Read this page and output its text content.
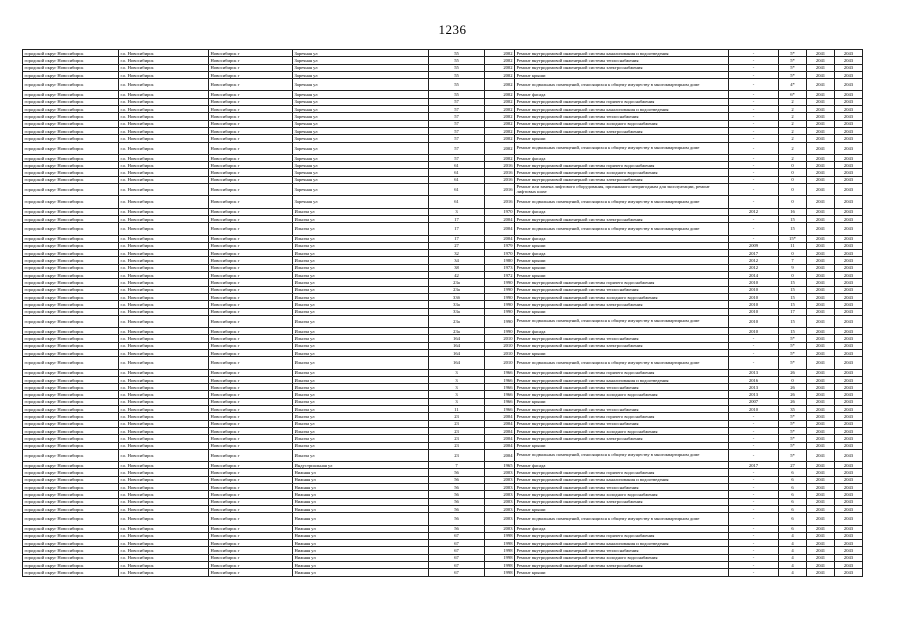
1236
городской округ Новосибирск	г.о. Новосибирск	Новосибирск г	Заречная ул	55	2002	Ремонт внутридомовой инженерной системы канализования и водоотведения	-	5*	2041	2043
городской округ Новосибирск	г.о. Новосибирск	Новосибирск г	Заречная ул	55	2002	Ремонт внутридомовой инженерной системы теплоснабжения	-	5*	2041	2043
городской округ Новосибирск	г.о. Новосибирск	Новосибирск г	Заречная ул	55	2002	Ремонт внутридомовой инженерной системы электроснабжения	-	5*	2041	2043
городской округ Новосибирск	г.о. Новосибирск	Новосибирск г	Заречная ул	55	2002	Ремонт крыши	-	5*	2041	2043
городской округ Новосибирск	г.о. Новосибирск	Новосибирск г	Заречная ул	55	2002	Ремонт подвальных помещений, относящихся к общему имуществу в многоквартирном доме	-	4*	2041	2043
городской округ Новосибирск	г.о. Новосибирск	Новосибирск г	Заречная ул	55	2002	Ремонт фасада	-	6*	2041	2043
городской округ Новосибирск	г.о. Новосибирск	Новосибирск г	Заречная ул	57	2002	Ремонт внутридомовой инженерной системы горячего водоснабжения	-	2	2041	2043
городской округ Новосибирск	г.о. Новосибирск	Новосибирск г	Заречная ул	57	2002	Ремонт внутридомовой инженерной системы канализования и водоотведения	-	2	2041	2043
городской округ Новосибирск	г.о. Новосибирск	Новосибирск г	Заречная ул	57	2002	Ремонт внутридомовой инженерной системы теплоснабжения	-	2	2041	2043
городской округ Новосибирск	г.о. Новосибирск	Новосибирск г	Заречная ул	57	2002	Ремонт внутридомовой инженерной системы холодного водоснабжения	-	2	2041	2043
городской округ Новосибирск	г.о. Новосибирск	Новосибирск г	Заречная ул	57	2002	Ремонт внутридомовой инженерной системы электроснабжения	-	2	2041	2043
городской округ Новосибирск	г.о. Новосибирск	Новосибирск г	Заречная ул	57	2002	Ремонт крыши	-	2	2041	2043
городской округ Новосибирск	г.о. Новосибирск	Новосибирск г	Заречная ул	57	2002	Ремонт подвальных помещений, относящихся к общему имуществу в многоквартирном доме	-	2	2041	2043
городской округ Новосибирск	г.о. Новосибирск	Новосибирск г	Заречная ул	57	2002	Ремонт фасада	-	2	2041	2043
городской округ Новосибирск	г.о. Новосибирск	Новосибирск г	Заречная ул	61	2016	Ремонт внутридомовой инженерной системы горячего водоснабжения	-	0	2041	2043
городской округ Новосибирск	г.о. Новосибирск	Новосибирск г	Заречная ул	61	2016	Ремонт внутридомовой инженерной системы холодного водоснабжения	-	0	2041	2043
городской округ Новосибирск	г.о. Новосибирск	Новосибирск г	Заречная ул	61	2016	Ремонт внутридомовой инженерной системы электроснабжения	-	0	2041	2043
городской округ Новосибирск	г.о. Новосибирск	Новосибирск г	Заречная ул	61	2016	Ремонт или замена лифтового оборудования, признанного непригодным для эксплуатации, ремонт лифтовых шахт	-	0	2041	2043
городской округ Новосибирск	г.о. Новосибирск	Новосибирск г	Заречная ул	61	2016	Ремонт подвальных помещений, относящихся к общему имуществу в многоквартирном доме	-	0	2041	2043
городской округ Новосибирск	г.о. Новосибирск	Новосибирск г	Ильича ул	3	1970	Ремонт фасада	2012	16	2041	2043
городской округ Новосибирск	г.о. Новосибирск	Новосибирск г	Ильича ул	17	2004	Ремонт внутридомовой инженерной системы электроснабжения	-	15	2041	2043
городской округ Новосибирск	г.о. Новосибирск	Новосибирск г	Ильича ул	17	2004	Ремонт подвальных помещений, относящихся к общему имуществу в многоквартирном доме	-	15	2041	2043
городской округ Новосибирск	г.о. Новосибирск	Новосибирск г	Ильича ул	17	2004	Ремонт фасада	-	15*	2041	2043
городской округ Новосибирск	г.о. Новосибирск	Новосибирск г	Ильича ул	27	1979	Ремонт крыши	2009	11	2041	2043
городской округ Новосибирск	г.о. Новосибирск	Новосибирск г	Ильича ул	32	1970	Ремонт фасада	2017	0	2041	2043
городской округ Новосибирск	г.о. Новосибирск	Новосибирск г	Ильича ул	34	1980	Ремонт крыши	2012	7	2041	2043
городской округ Новосибирск	г.о. Новосибирск	Новосибирск г	Ильича ул	38	1973	Ремонт крыши	2012	9	2041	2043
городской округ Новосибирск	г.о. Новосибирск	Новосибирск г	Ильича ул	42	1972	Ремонт крыши	2014	0	2041	2043
городской округ Новосибирск	г.о. Новосибирск	Новосибирск г	Ильича ул	23а	1990	Ремонт внутридомовой инженерной системы горячего водоснабжения	2010	15	2041	2043
городской округ Новосибирск	г.о. Новосибирск	Новосибирск г	Ильича ул	23а	1990	Ремонт внутридомовой инженерной системы теплоснабжения	2010	15	2041	2043
городской округ Новосибирск	г.о. Новосибирск	Новосибирск г	Ильича ул	33б	1990	Ремонт внутридомовой инженерной системы холодного водоснабжения	2010	15	2041	2043
городской округ Новосибирск	г.о. Новосибирск	Новосибирск г	Ильича ул	33а	1990	Ремонт внутридомовой инженерной системы электроснабжения	2010	15	2041	2043
городской округ Новосибирск	г.о. Новосибирск	Новосибирск г	Ильича ул	33а	1990	Ремонт крыши	2010	17	2041	2043
городской округ Новосибирск	г.о. Новосибирск	Новосибирск г	Ильича ул	23а	1990	Ремонт подвальных помещений, относящихся к общему имуществу в многоквартирном доме	2010	15	2041	2043
городской округ Новосибирск	г.о. Новосибирск	Новосибирск г	Ильича ул	23а	1990	Ремонт фасада	2010	15	2041	2043
городской округ Новосибирск	г.о. Новосибирск	Новосибирск г	Ильича ул	164	2010	Ремонт внутридомовой инженерной системы теплоснабжения	-	5*	2041	2043
городской округ Новосибирск	г.о. Новосибирск	Новосибирск г	Ильича ул	164	2010	Ремонт внутридомовой инженерной системы электроснабжения	-	5*	2041	2043
городской округ Новосибирск	г.о. Новосибирск	Новосибирск г	Ильича ул	164	2010	Ремонт крыши	-	5*	2041	2043
городской округ Новосибирск	г.о. Новосибирск	Новосибирск г	Ильича ул	164	2010	Ремонт подвальных помещений, относящихся к общему имуществу в многоквартирном доме	-	5*	2041	2043
городской округ Новосибирск	г.о. Новосибирск	Новосибирск г	Ильича ул	3	1966	Ремонт внутридомовой инженерной системы горячего водоснабжения	2013	26	2041	2043
городской округ Новосибирск	г.о. Новосибирск	Новосибирск г	Ильича ул	3	1966	Ремонт внутридомовой инженерной системы канализования и водоотведения	2016	0	2041	2043
городской округ Новосибирск	г.о. Новосибирск	Новосибирск г	Ильича ул	3	1966	Ремонт внутридомовой инженерной системы теплоснабжения	2013	26	2041	2043
городской округ Новосибирск	г.о. Новосибирск	Новосибирск г	Ильича ул	3	1966	Ремонт внутридомовой инженерной системы холодного водоснабжения	2013	26	2041	2043
городской округ Новосибирск	г.о. Новосибирск	Новосибирск г	Ильича ул	3	1966	Ремонт крыши	2007	26	2041	2043
городской округ Новосибирск	г.о. Новосибирск	Новосибирск г	Ильича ул	11	1966	Ремонт внутридомовой инженерной системы теплоснабжения	2010	35	2041	2043
городской округ Новосибирск	г.о. Новосибирск	Новосибирск г	Ильича ул	23	2004	Ремонт внутридомовой инженерной системы горячего водоснабжения	-	5*	2041	2043
городской округ Новосибирск	г.о. Новосибирск	Новосибирск г	Ильича ул	23	2004	Ремонт внутридомовой инженерной системы теплоснабжения	-	5*	2041	2043
городской округ Новосибирск	г.о. Новосибирск	Новосибирск г	Ильича ул	23	2004	Ремонт внутридомовой инженерной системы холодного водоснабжения	-	5*	2041	2043
городской округ Новосибирск	г.о. Новосибирск	Новосибирск г	Ильича ул	23	2004	Ремонт внутридомовой инженерной системы электроснабжения	-	5*	2041	2043
городской округ Новосибирск	г.о. Новосибирск	Новосибирск г	Ильича ул	23	2004	Ремонт крыши	-	5*	2041	2043
городской округ Новосибирск	г.о. Новосибирск	Новосибирск г	Ильича ул	23	2004	Ремонт подвальных помещений, относящихся к общему имуществу в многоквартирном доме	-	5*	2041	2043
городской округ Новосибирск	г.о. Новосибирск	Новосибирск г	Индустриальная ул	7	1965	Ремонт фасада	2017	27	2041	2043
городской округ Новосибирск	г.о. Новосибирск	Новосибирск г	Нижняя ул	56	2003	Ремонт внутридомовой инженерной системы горячего водоснабжения	-	6	2041	2043
городской округ Новосибирск	г.о. Новосибирск	Новосибирск г	Нижняя ул	56	2003	Ремонт внутридомовой инженерной системы канализования и водоотведения	-	6	2041	2043
городской округ Новосибирск	г.о. Новосибирск	Новосибирск г	Нижняя ул	56	2003	Ремонт внутридомовой инженерной системы теплоснабжения	-	6	2041	2043
городской округ Новосибирск	г.о. Новосибирск	Новосибирск г	Нижняя ул	56	2003	Ремонт внутридомовой инженерной системы холодного водоснабжения	-	6	2041	2043
городской округ Новосибирск	г.о. Новосибирск	Новосибирск г	Нижняя ул	56	2003	Ремонт внутридомовой инженерной системы электроснабжения	-	6	2041	2043
городской округ Новосибирск	г.о. Новосибирск	Новосибирск г	Нижняя ул	56	2003	Ремонт крыши	-	6	2041	2043
городской округ Новосибирск	г.о. Новосибирск	Новосибирск г	Нижняя ул	56	2003	Ремонт подвальных помещений, относящихся к общему имуществу в многоквартирном доме	-	6	2041	2043
городской округ Новосибирск	г.о. Новосибирск	Новосибирск г	Нижняя ул	56	2003	Ремонт фасада	-	6	2041	2043
городской округ Новосибирск	г.о. Новосибирск	Новосибирск г	Нижняя ул	67	1998	Ремонт внутридомовой инженерной системы горячего водоснабжения	-	4	2041	2043
городской округ Новосибирск	г.о. Новосибирск	Новосибирск г	Нижняя ул	67	1998	Ремонт внутридомовой инженерной системы канализования и водоотведения	-	4	2041	2043
городской округ Новосибирск	г.о. Новосибирск	Новосибирск г	Нижняя ул	67	1998	Ремонт внутридомовой инженерной системы теплоснабжения	-	4	2041	2043
городской округ Новосибирск	г.о. Новосибирск	Новосибирск г	Нижняя ул	67	1998	Ремонт внутридомовой инженерной системы холодного водоснабжения	-	4	2041	2043
городской округ Новосибирск	г.о. Новосибирск	Новосибирск г	Нижняя ул	67	1998	Ремонт внутридомовой инженерной системы электроснабжения	-	4	2041	2043
городской округ Новосибирск	г.о. Новосибирск	Новосибирск г	Нижняя ул	67	1998	Ремонт крыши	-	4	2041	2043
